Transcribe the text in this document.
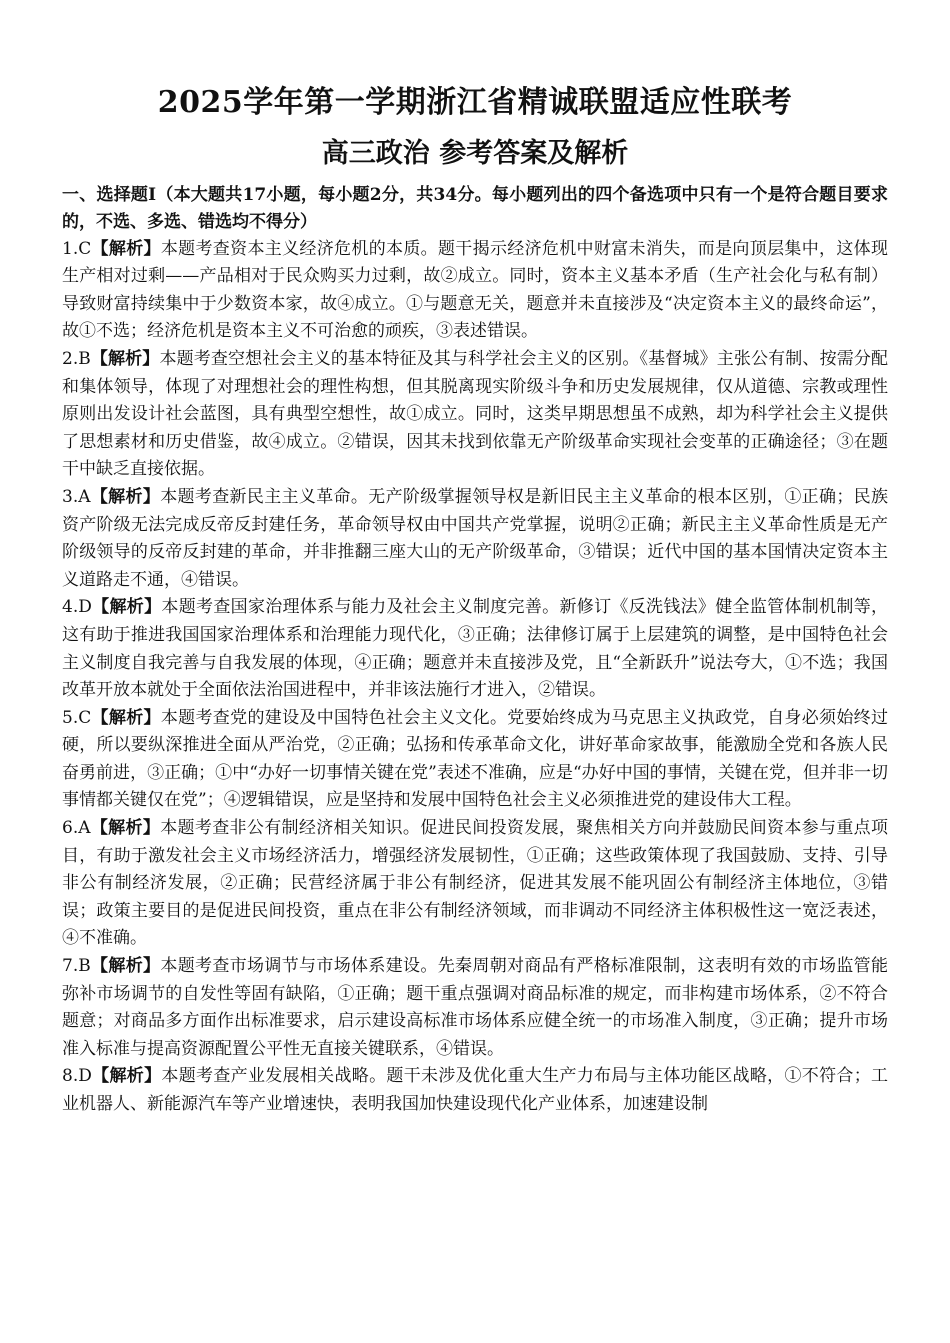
2025学年第一学期浙江省精诚联盟适应性联考
高三政治 参考答案及解析

一、选择题Ⅰ（本大题共17小题，每小题2分，共34分。每小题列出的四个备选项中只有一个是符合题目要求的，不选、多选、错选均不得分）

1.C【解析】本题考查资本主义经济危机的本质。题干揭示经济危机中财富未消失，而是向顶层集中，这体现生产相对过剩——产品相对于民众购买力过剩，故②成立。同时，资本主义基本矛盾（生产社会化与私有制）导致财富持续集中于少数资本家，故④成立。①与题意无关，题意并未直接涉及“决定资本主义的最终命运”，故①不选；经济危机是资本主义不可治愈的顽疾，③表述错误。

2.B【解析】本题考查空想社会主义的基本特征及其与科学社会主义的区别。《基督城》主张公有制、按需分配和集体领导，体现了对理想社会的理性构想，但其脱离现实阶级斗争和历史发展规律，仅从道德、宗教或理性原则出发设计社会蓝图，具有典型空想性，故①成立。同时，这类早期思想虽不成熟，却为科学社会主义提供了思想素材和历史借鉴，故④成立。②错误，因其未找到依靠无产阶级革命实现社会变革的正确途径；③在题干中缺乏直接依据。

3.A【解析】本题考查新民主主义革命。无产阶级掌握领导权是新旧民主主义革命的根本区别，①正确；民族资产阶级无法完成反帝反封建任务，革命领导权由中国共产党掌握，说明②正确；新民主主义革命性质是无产阶级领导的反帝反封建的革命，并非推翻三座大山的无产阶级革命，③错误；近代中国的基本国情决定资本主义道路走不通，④错误。

4.D【解析】本题考查国家治理体系与能力及社会主义制度完善。新修订《反洗钱法》健全监管体制机制等，这有助于推进我国国家治理体系和治理能力现代化，③正确；法律修订属于上层建筑的调整，是中国特色社会主义制度自我完善与自我发展的体现，④正确；题意并未直接涉及党，且“全新跃升”说法夸大，①不选；我国改革开放本就处于全面依法治国进程中，并非该法施行才进入，②错误。

5.C【解析】本题考查党的建设及中国特色社会主义文化。党要始终成为马克思主义执政党，自身必须始终过硬，所以要纵深推进全面从严治党，②正确；弘扬和传承革命文化，讲好革命家故事，能激励全党和各族人民奋勇前进，③正确；①中“办好一切事情关键在党”表述不准确，应是“办好中国的事情，关键在党，但并非一切事情都关键仅在党”；④逻辑错误，应是坚持和发展中国特色社会主义必须推进党的建设伟大工程。

6.A【解析】本题考查非公有制经济相关知识。促进民间投资发展，聚焦相关方向并鼓励民间资本参与重点项目，有助于激发社会主义市场经济活力，增强经济发展韧性，①正确；这些政策体现了我国鼓励、支持、引导非公有制经济发展，②正确；民营经济属于非公有制经济，促进其发展不能巩固公有制经济主体地位，③错误；政策主要目的是促进民间投资，重点在非公有制经济领域，而非调动不同经济主体积极性这一宽泛表述，④不准确。

7.B【解析】本题考查市场调节与市场体系建设。先秦周朝对商品有严格标准限制，这表明有效的市场监管能弥补市场调节的自发性等固有缺陷，①正确；题干重点强调对商品标准的规定，而非构建市场体系，②不符合题意；对商品多方面作出标准要求，启示建设高标准市场体系应健全统一的市场准入制度，③正确；提升市场准入标准与提高资源配置公平性无直接关键联系，④错误。

8.D【解析】本题考查产业发展相关战略。题干未涉及优化重大生产力布局与主体功能区战略，①不符合；工业机器人、新能源汽车等产业增速快，表明我国加快建设现代化产业体系，加速建设制
